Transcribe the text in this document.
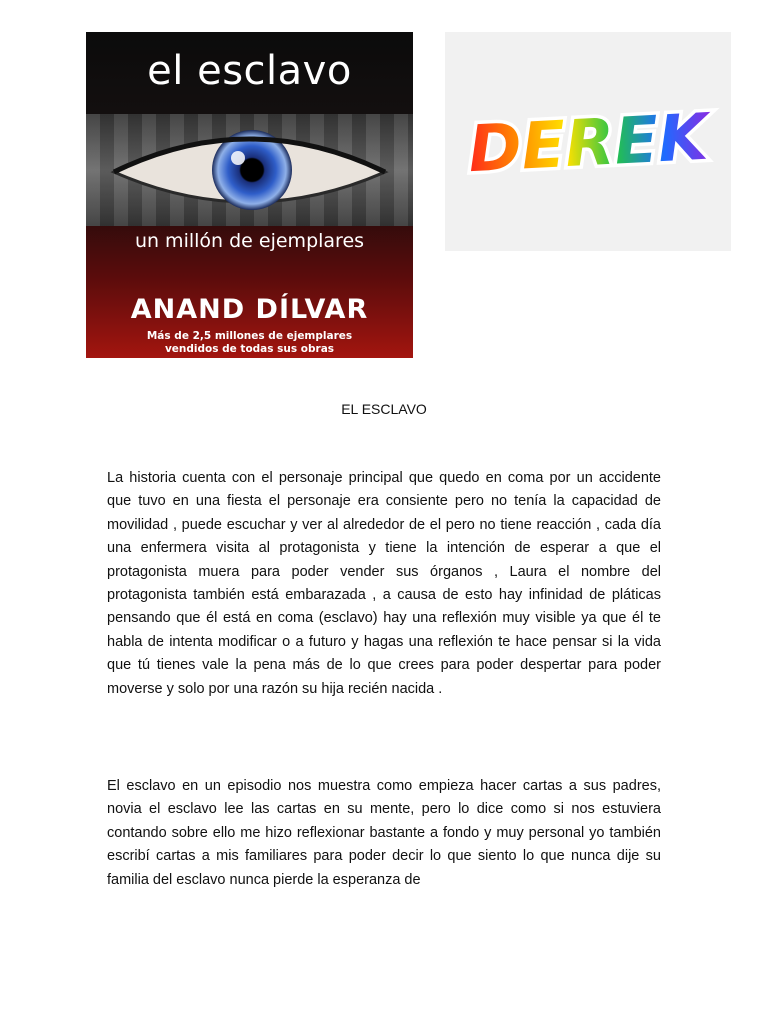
el esclavo
un millón de ejemplares
ANAND DÍLVAR
Más de 2,5 millones de ejemplares
vendidos de todas sus obras
DEREK
EL ESCLAVO

La historia cuenta con el personaje principal que quedo en coma por un accidente que tuvo en una fiesta el personaje era consiente pero no tenía la capacidad de movilidad , puede escuchar y ver al alrededor de el pero no tiene reacción , cada día una enfermera visita al protagonista y tiene la intención de esperar a que el protagonista muera para poder vender sus órganos , Laura el nombre del protagonista también está embarazada , a causa de esto hay infinidad de pláticas pensando que él está en coma (esclavo) hay una reflexión muy visible ya que él te habla de intenta modificar o a futuro y hagas una reflexión te hace pensar si la vida que tú tienes vale la pena más de lo que crees para poder despertar para poder moverse y solo por una razón su hija recién nacida .

El esclavo en un episodio nos muestra como empieza hacer cartas a sus padres, novia el esclavo lee las cartas en su mente, pero lo dice como si nos estuviera contando sobre ello me hizo reflexionar bastante a fondo y muy personal yo también escribí cartas a mis familiares para poder decir lo que siento lo que nunca dije su familia del esclavo nunca pierde la esperanza de
